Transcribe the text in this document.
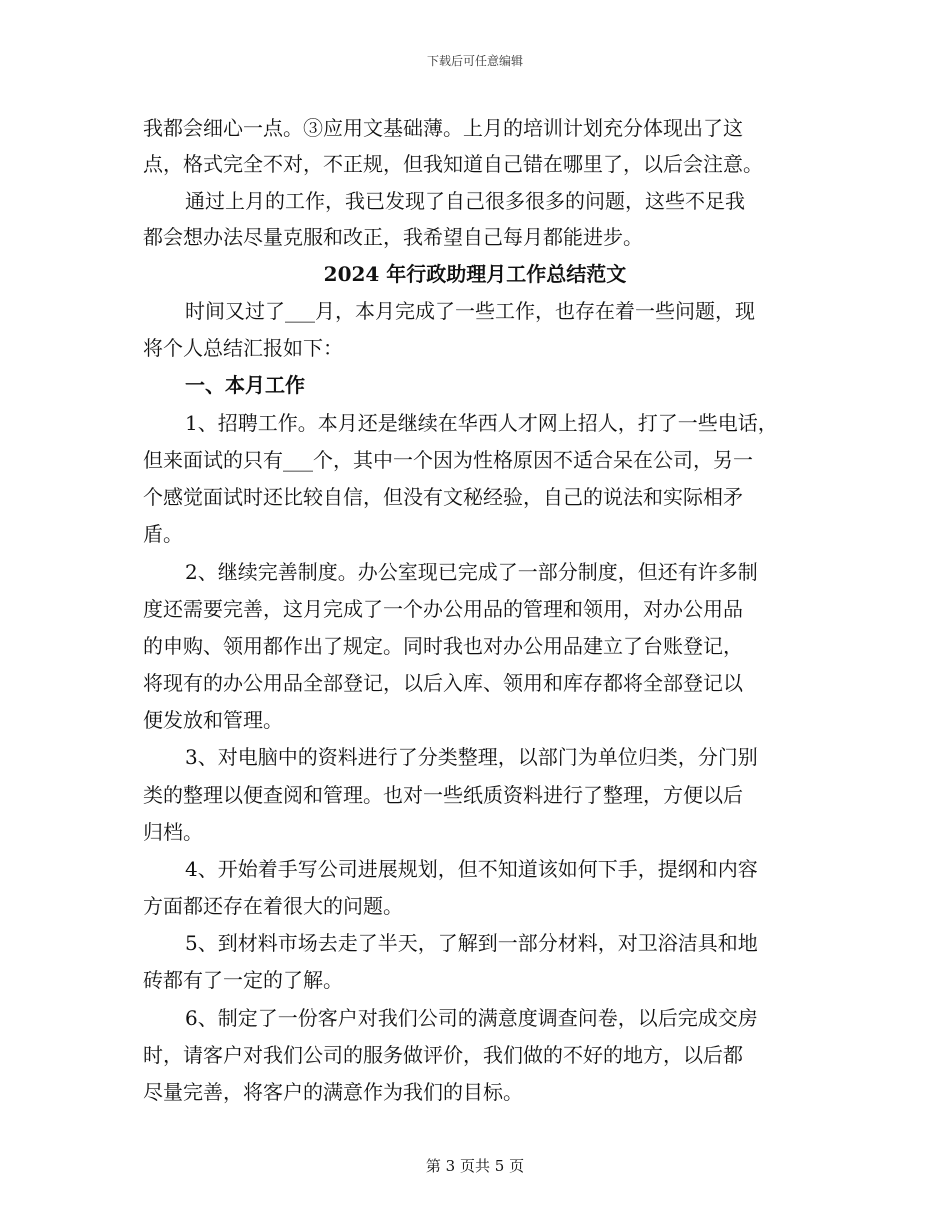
下载后可任意编辑
我都会细心一点。③应用文基础薄。上月的培训计划充分体现出了这
点，格式完全不对，不正规，但我知道自己错在哪里了，以后会注意。
通过上月的工作，我已发现了自己很多很多的问题，这些不足我
都会想办法尽量克服和改正，我希望自己每月都能进步。
2024 年行政助理月工作总结范文
时间又过了___月，本月完成了一些工作，也存在着一些问题，现
将个人总结汇报如下：
一、本月工作
1、招聘工作。本月还是继续在华西人才网上招人，打了一些电话，
但来面试的只有___个，其中一个因为性格原因不适合呆在公司，另一
个感觉面试时还比较自信，但没有文秘经验，自己的说法和实际相矛
盾。
2、继续完善制度。办公室现已完成了一部分制度，但还有许多制
度还需要完善，这月完成了一个办公用品的管理和领用，对办公用品
的申购、领用都作出了规定。同时我也对办公用品建立了台账登记，
将现有的办公用品全部登记，以后入库、领用和库存都将全部登记以
便发放和管理。
3、对电脑中的资料进行了分类整理，以部门为单位归类，分门别
类的整理以便查阅和管理。也对一些纸质资料进行了整理，方便以后
归档。
4、开始着手写公司进展规划，但不知道该如何下手，提纲和内容
方面都还存在着很大的问题。
5、到材料市场去走了半天，了解到一部分材料，对卫浴洁具和地
砖都有了一定的了解。
6、制定了一份客户对我们公司的满意度调查问卷，以后完成交房
时，请客户对我们公司的服务做评价，我们做的不好的地方，以后都
尽量完善，将客户的满意作为我们的目标。
第 3 页共 5 页
